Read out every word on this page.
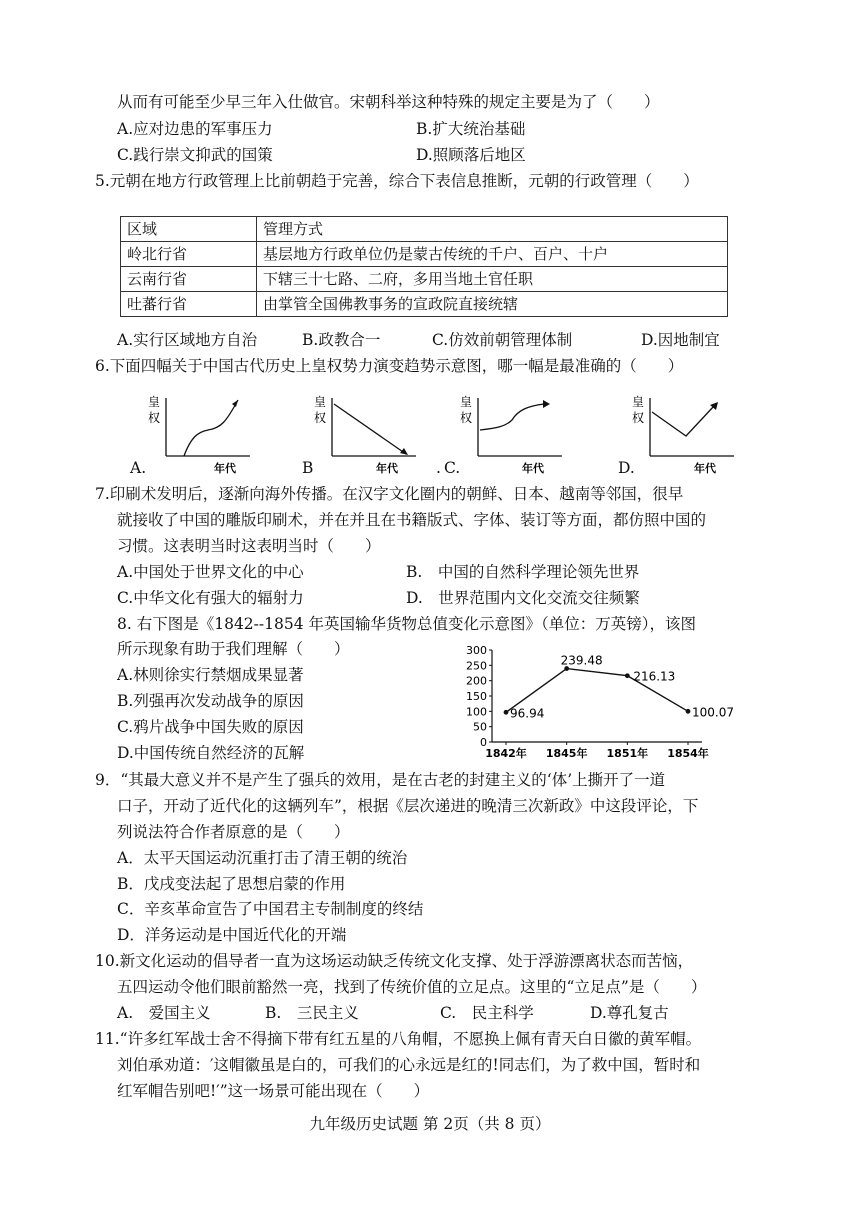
从而有可能至少早三年入仕做官。宋朝科举这种特殊的规定主要是为了（　　）
A.应对边患的军事压力	B.扩大统治基础
C.践行崇文抑武的国策	D.照顾落后地区
5.元朝在地方行政管理上比前朝趋于完善，综合下表信息推断，元朝的行政管理（　　）
区域	管理方式
岭北行省	基层地方行政单位仍是蒙古传统的千户、百户、十户
云南行省	下辖三十七路、二府，多用当地土官任职
吐蕃行省	由掌管全国佛教事务的宣政院直接统辖
A.实行区域地方自治	B.政教合一	C.仿效前朝管理体制	D.因地制宜
6.下面四幅关于中国古代历史上皇权势力演变趋势示意图，哪一幅是最准确的（　　）
皇
权
年代
皇
权
年代
皇
权
年代
皇
权
年代
A.	B	. C.	D.
7.印刷术发明后，逐渐向海外传播。在汉字文化圈内的朝鲜、日本、越南等邻国，很早
就接收了中国的雕版印刷术，并在并且在书籍版式、字体、装订等方面，都仿照中国的
习惯。这表明当时这表明当时（　　）
A.中国处于世界文化的中心	B.　中国的自然科学理论领先世界
C.中华文化有强大的辐射力	D.　世界范围内文化交流交往频繁
8. 右下图是《1842--1854 年英国输华货物总值变化示意图》（单位：万英镑），该图
所示现象有助于我们理解（　　）
A.林则徐实行禁烟成果显著
B.列强再次发动战争的原因
C.鸦片战争中国失败的原因
D.中国传统自然经济的瓦解
0
50
100
150
200
250
300
1842年 1845年 1851年 1854年
96.94
239.48
216.13
100.07
9．“其最大意义并不是产生了强兵的效用，是在古老的封建主义的‘体’上撕开了一道
口子，开动了近代化的这辆列车”，根据《层次递进的晚清三次新政》中这段评论，下
列说法符合作者原意的是（　　）
A．太平天国运动沉重打击了清王朝的统治
B．戊戌变法起了思想启蒙的作用
C．辛亥革命宣告了中国君主专制制度的终结
D．洋务运动是中国近代化的开端
10.新文化运动的倡导者一直为这场运动缺乏传统文化支撑、处于浮游漂离状态而苦恼，
五四运动令他们眼前豁然一亮，找到了传统价值的立足点。这里的“立足点”是（　　）
A.　爱国主义	B.　三民主义	C.　民主科学	D.尊孔复古
11.“许多红军战士舍不得摘下带有红五星的八角帽，不愿换上佩有青天白日徽的黄军帽。
刘伯承劝道：′这帽徽虽是白的，可我们的心永远是红的!同志们，为了救中国，暂时和
红军帽告别吧!′”这一场景可能出现在（　　）
九年级历史试题 第 2页（共 8 页）
